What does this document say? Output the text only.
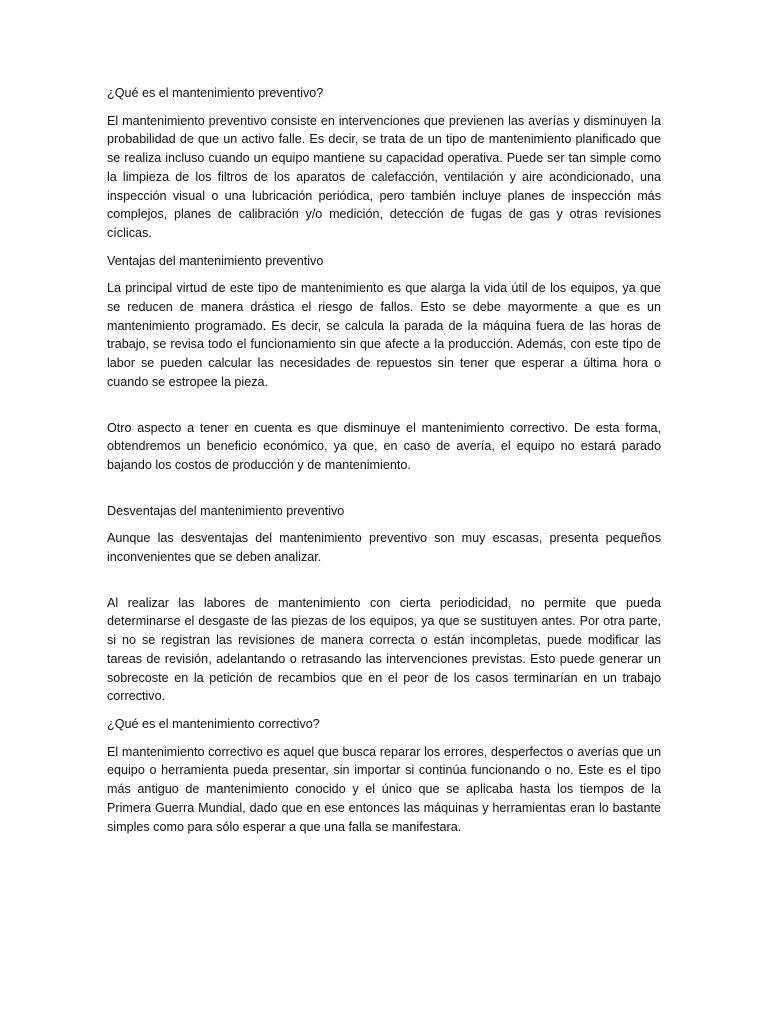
¿Qué es el mantenimiento preventivo?

El mantenimiento preventivo consiste en intervenciones que previenen las averías y disminuyen la probabilidad de que un activo falle. Es decir, se trata de un tipo de mantenimiento planificado que se realiza incluso cuando un equipo mantiene su capacidad operativa. Puede ser tan simple como la limpieza de los filtros de los aparatos de calefacción, ventilación y aire acondicionado, una inspección visual o una lubricación periódica, pero también incluye planes de inspección más complejos, planes de calibración y/o medición, detección de fugas de gas y otras revisiones cíclicas.

Ventajas del mantenimiento preventivo

La principal virtud de este tipo de mantenimiento es que alarga la vida útil de los equipos, ya que se reducen de manera drástica el riesgo de fallos. Esto se debe mayormente a que es un mantenimiento programado. Es decir, se calcula la parada de la máquina fuera de las horas de trabajo, se revisa todo el funcionamiento sin que afecte a la producción. Además, con este tipo de labor se pueden calcular las necesidades de repuestos sin tener que esperar a última hora o cuando se estropee la pieza.

Otro aspecto a tener en cuenta es que disminuye el mantenimiento correctivo. De esta forma, obtendremos un beneficio económico, ya que, en caso de avería, el equipo no estará parado bajando los costos de producción y de mantenimiento.

Desventajas del mantenimiento preventivo

Aunque las desventajas del mantenimiento preventivo son muy escasas, presenta pequeños inconvenientes que se deben analizar.

Al realizar las labores de mantenimiento con cierta periodicidad, no permite que pueda determinarse el desgaste de las piezas de los equipos, ya que se sustituyen antes. Por otra parte, si no se registran las revisiones de manera correcta o están incompletas, puede modificar las tareas de revisión, adelantando o retrasando las intervenciones previstas. Esto puede generar un sobrecoste en la petición de recambios que en el peor de los casos terminarían en un trabajo correctivo.

¿Qué es el mantenimiento correctivo?

El mantenimiento correctivo es aquel que busca reparar los errores, desperfectos o averías que un equipo o herramienta pueda presentar, sin importar si continúa funcionando o no. Este es el tipo más antiguo de mantenimiento conocido y el único que se aplicaba hasta los tiempos de la Primera Guerra Mundial, dado que en ese entonces las máquinas y herramientas eran lo bastante simples como para sólo esperar a que una falla se manifestara.
